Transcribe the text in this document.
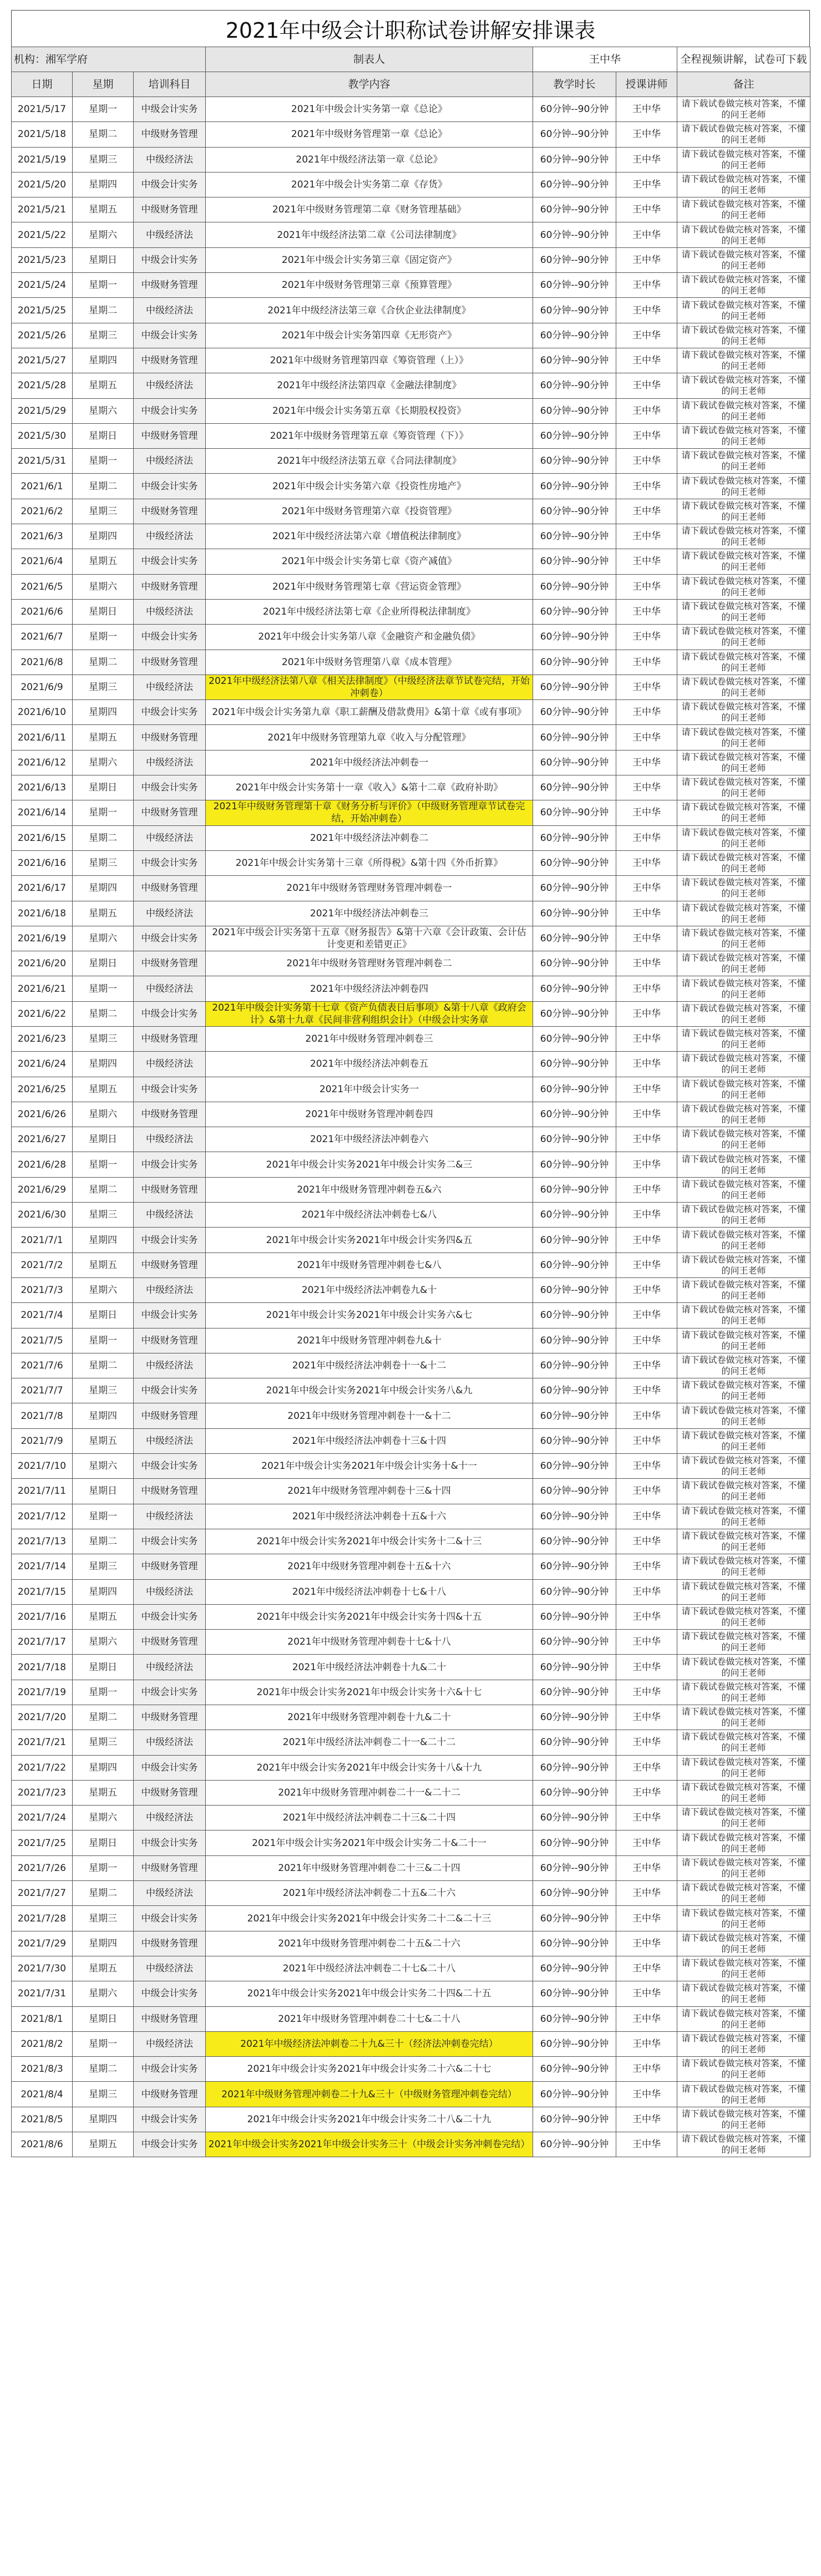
2021年中级会计职称试卷讲解安排课表
机构：湘军学府			制表人	王中华		全程视频讲解，试卷可下载
日期	星期	培训科目	教学内容	教学时长	授课讲师	备注
2021/5/17	星期一	中级会计实务	2021年中级会计实务第一章《总论》	60分钟--90分钟	王中华	请下载试卷做完核对答案，不懂的问王老师
2021/5/18	星期二	中级财务管理	2021年中级财务管理第一章《总论》	60分钟--90分钟	王中华	请下载试卷做完核对答案，不懂的问王老师
2021/5/19	星期三	中级经济法	2021年中级经济法第一章《总论》	60分钟--90分钟	王中华	请下载试卷做完核对答案，不懂的问王老师
2021/5/20	星期四	中级会计实务	2021年中级会计实务第二章《存货》	60分钟--90分钟	王中华	请下载试卷做完核对答案，不懂的问王老师
2021/5/21	星期五	中级财务管理	2021年中级财务管理第二章《财务管理基础》	60分钟--90分钟	王中华	请下载试卷做完核对答案，不懂的问王老师
2021/5/22	星期六	中级经济法	2021年中级经济法第二章《公司法律制度》	60分钟--90分钟	王中华	请下载试卷做完核对答案，不懂的问王老师
2021/5/23	星期日	中级会计实务	2021年中级会计实务第三章《固定资产》	60分钟--90分钟	王中华	请下载试卷做完核对答案，不懂的问王老师
2021/5/24	星期一	中级财务管理	2021年中级财务管理第三章《预算管理》	60分钟--90分钟	王中华	请下载试卷做完核对答案，不懂的问王老师
2021/5/25	星期二	中级经济法	2021年中级经济法第三章《合伙企业法律制度》	60分钟--90分钟	王中华	请下载试卷做完核对答案，不懂的问王老师
2021/5/26	星期三	中级会计实务	2021年中级会计实务第四章《无形资产》	60分钟--90分钟	王中华	请下载试卷做完核对答案，不懂的问王老师
2021/5/27	星期四	中级财务管理	2021年中级财务管理第四章《筹资管理（上）》	60分钟--90分钟	王中华	请下载试卷做完核对答案，不懂的问王老师
2021/5/28	星期五	中级经济法	2021年中级经济法第四章《金融法律制度》	60分钟--90分钟	王中华	请下载试卷做完核对答案，不懂的问王老师
2021/5/29	星期六	中级会计实务	2021年中级会计实务第五章《长期股权投资》	60分钟--90分钟	王中华	请下载试卷做完核对答案，不懂的问王老师
2021/5/30	星期日	中级财务管理	2021年中级财务管理第五章《筹资管理（下）》	60分钟--90分钟	王中华	请下载试卷做完核对答案，不懂的问王老师
2021/5/31	星期一	中级经济法	2021年中级经济法第五章《合同法律制度》	60分钟--90分钟	王中华	请下载试卷做完核对答案，不懂的问王老师
2021/6/1	星期二	中级会计实务	2021年中级会计实务第六章《投资性房地产》	60分钟--90分钟	王中华	请下载试卷做完核对答案，不懂的问王老师
2021/6/2	星期三	中级财务管理	2021年中级财务管理第六章《投资管理》	60分钟--90分钟	王中华	请下载试卷做完核对答案，不懂的问王老师
2021/6/3	星期四	中级经济法	2021年中级经济法第六章《增值税法律制度》	60分钟--90分钟	王中华	请下载试卷做完核对答案，不懂的问王老师
2021/6/4	星期五	中级会计实务	2021年中级会计实务第七章《资产减值》	60分钟--90分钟	王中华	请下载试卷做完核对答案，不懂的问王老师
2021/6/5	星期六	中级财务管理	2021年中级财务管理第七章《营运资金管理》	60分钟--90分钟	王中华	请下载试卷做完核对答案，不懂的问王老师
2021/6/6	星期日	中级经济法	2021年中级经济法第七章《企业所得税法律制度》	60分钟--90分钟	王中华	请下载试卷做完核对答案，不懂的问王老师
2021/6/7	星期一	中级会计实务	2021年中级会计实务第八章《金融资产和金融负债》	60分钟--90分钟	王中华	请下载试卷做完核对答案，不懂的问王老师
2021/6/8	星期二	中级财务管理	2021年中级财务管理第八章《成本管理》	60分钟--90分钟	王中华	请下载试卷做完核对答案，不懂的问王老师
2021/6/9	星期三	中级经济法	2021年中级经济法第八章《相关法律制度》（中级经济法章节试卷完结，开始冲刺卷）	60分钟--90分钟	王中华	请下载试卷做完核对答案，不懂的问王老师
2021/6/10	星期四	中级会计实务	2021年中级会计实务第九章《职工薪酬及借款费用》&第十章《或有事项》	60分钟--90分钟	王中华	请下载试卷做完核对答案，不懂的问王老师
2021/6/11	星期五	中级财务管理	2021年中级财务管理第九章《收入与分配管理》	60分钟--90分钟	王中华	请下载试卷做完核对答案，不懂的问王老师
2021/6/12	星期六	中级经济法	2021年中级经济法冲刺卷一	60分钟--90分钟	王中华	请下载试卷做完核对答案，不懂的问王老师
2021/6/13	星期日	中级会计实务	2021年中级会计实务第十一章《收入》&第十二章《政府补助》	60分钟--90分钟	王中华	请下载试卷做完核对答案，不懂的问王老师
2021/6/14	星期一	中级财务管理	2021年中级财务管理第十章《财务分析与评价》（中级财务管理章节试卷完结，开始冲刺卷）	60分钟--90分钟	王中华	请下载试卷做完核对答案，不懂的问王老师
2021/6/15	星期二	中级经济法	2021年中级经济法冲刺卷二	60分钟--90分钟	王中华	请下载试卷做完核对答案，不懂的问王老师
2021/6/16	星期三	中级会计实务	2021年中级会计实务第十三章《所得税》&第十四《外币折算》	60分钟--90分钟	王中华	请下载试卷做完核对答案，不懂的问王老师
2021/6/17	星期四	中级财务管理	2021年中级财务管理财务管理冲刺卷一	60分钟--90分钟	王中华	请下载试卷做完核对答案，不懂的问王老师
2021/6/18	星期五	中级经济法	2021年中级经济法冲刺卷三	60分钟--90分钟	王中华	请下载试卷做完核对答案，不懂的问王老师
2021/6/19	星期六	中级会计实务	2021年中级会计实务第十五章《财务报告》&第十六章《会计政策、会计估计变更和差错更正》	60分钟--90分钟	王中华	请下载试卷做完核对答案，不懂的问王老师
2021/6/20	星期日	中级财务管理	2021年中级财务管理财务管理冲刺卷二	60分钟--90分钟	王中华	请下载试卷做完核对答案，不懂的问王老师
2021/6/21	星期一	中级经济法	2021年中级经济法冲刺卷四	60分钟--90分钟	王中华	请下载试卷做完核对答案，不懂的问王老师
2021/6/22	星期二	中级会计实务	2021年中级会计实务第十七章《资产负债表日后事项》&第十八章《政府会计》&第十九章《民间非营利组织会计》（中级会计实务章	60分钟--90分钟	王中华	请下载试卷做完核对答案，不懂的问王老师
2021/6/23	星期三	中级财务管理	2021年中级财务管理冲刺卷三	60分钟--90分钟	王中华	请下载试卷做完核对答案，不懂的问王老师
2021/6/24	星期四	中级经济法	2021年中级经济法冲刺卷五	60分钟--90分钟	王中华	请下载试卷做完核对答案，不懂的问王老师
2021/6/25	星期五	中级会计实务	2021年中级会计实务一	60分钟--90分钟	王中华	请下载试卷做完核对答案，不懂的问王老师
2021/6/26	星期六	中级财务管理	2021年中级财务管理冲刺卷四	60分钟--90分钟	王中华	请下载试卷做完核对答案，不懂的问王老师
2021/6/27	星期日	中级经济法	2021年中级经济法冲刺卷六	60分钟--90分钟	王中华	请下载试卷做完核对答案，不懂的问王老师
2021/6/28	星期一	中级会计实务	2021年中级会计实务2021年中级会计实务二&三	60分钟--90分钟	王中华	请下载试卷做完核对答案，不懂的问王老师
2021/6/29	星期二	中级财务管理	2021年中级财务管理冲刺卷五&六	60分钟--90分钟	王中华	请下载试卷做完核对答案，不懂的问王老师
2021/6/30	星期三	中级经济法	2021年中级经济法冲刺卷七&八	60分钟--90分钟	王中华	请下载试卷做完核对答案，不懂的问王老师
2021/7/1	星期四	中级会计实务	2021年中级会计实务2021年中级会计实务四&五	60分钟--90分钟	王中华	请下载试卷做完核对答案，不懂的问王老师
2021/7/2	星期五	中级财务管理	2021年中级财务管理冲刺卷七&八	60分钟--90分钟	王中华	请下载试卷做完核对答案，不懂的问王老师
2021/7/3	星期六	中级经济法	2021年中级经济法冲刺卷九&十	60分钟--90分钟	王中华	请下载试卷做完核对答案，不懂的问王老师
2021/7/4	星期日	中级会计实务	2021年中级会计实务2021年中级会计实务六&七	60分钟--90分钟	王中华	请下载试卷做完核对答案，不懂的问王老师
2021/7/5	星期一	中级财务管理	2021年中级财务管理冲刺卷九&十	60分钟--90分钟	王中华	请下载试卷做完核对答案，不懂的问王老师
2021/7/6	星期二	中级经济法	2021年中级经济法冲刺卷十一&十二	60分钟--90分钟	王中华	请下载试卷做完核对答案，不懂的问王老师
2021/7/7	星期三	中级会计实务	2021年中级会计实务2021年中级会计实务八&九	60分钟--90分钟	王中华	请下载试卷做完核对答案，不懂的问王老师
2021/7/8	星期四	中级财务管理	2021年中级财务管理冲刺卷十一&十二	60分钟--90分钟	王中华	请下载试卷做完核对答案，不懂的问王老师
2021/7/9	星期五	中级经济法	2021年中级经济法冲刺卷十三&十四	60分钟--90分钟	王中华	请下载试卷做完核对答案，不懂的问王老师
2021/7/10	星期六	中级会计实务	2021年中级会计实务2021年中级会计实务十&十一	60分钟--90分钟	王中华	请下载试卷做完核对答案，不懂的问王老师
2021/7/11	星期日	中级财务管理	2021年中级财务管理冲刺卷十三&十四	60分钟--90分钟	王中华	请下载试卷做完核对答案，不懂的问王老师
2021/7/12	星期一	中级经济法	2021年中级经济法冲刺卷十五&十六	60分钟--90分钟	王中华	请下载试卷做完核对答案，不懂的问王老师
2021/7/13	星期二	中级会计实务	2021年中级会计实务2021年中级会计实务十二&十三	60分钟--90分钟	王中华	请下载试卷做完核对答案，不懂的问王老师
2021/7/14	星期三	中级财务管理	2021年中级财务管理冲刺卷十五&十六	60分钟--90分钟	王中华	请下载试卷做完核对答案，不懂的问王老师
2021/7/15	星期四	中级经济法	2021年中级经济法冲刺卷十七&十八	60分钟--90分钟	王中华	请下载试卷做完核对答案，不懂的问王老师
2021/7/16	星期五	中级会计实务	2021年中级会计实务2021年中级会计实务十四&十五	60分钟--90分钟	王中华	请下载试卷做完核对答案，不懂的问王老师
2021/7/17	星期六	中级财务管理	2021年中级财务管理冲刺卷十七&十八	60分钟--90分钟	王中华	请下载试卷做完核对答案，不懂的问王老师
2021/7/18	星期日	中级经济法	2021年中级经济法冲刺卷十九&二十	60分钟--90分钟	王中华	请下载试卷做完核对答案，不懂的问王老师
2021/7/19	星期一	中级会计实务	2021年中级会计实务2021年中级会计实务十六&十七	60分钟--90分钟	王中华	请下载试卷做完核对答案，不懂的问王老师
2021/7/20	星期二	中级财务管理	2021年中级财务管理冲刺卷十九&二十	60分钟--90分钟	王中华	请下载试卷做完核对答案，不懂的问王老师
2021/7/21	星期三	中级经济法	2021年中级经济法冲刺卷二十一&二十二	60分钟--90分钟	王中华	请下载试卷做完核对答案，不懂的问王老师
2021/7/22	星期四	中级会计实务	2021年中级会计实务2021年中级会计实务十八&十九	60分钟--90分钟	王中华	请下载试卷做完核对答案，不懂的问王老师
2021/7/23	星期五	中级财务管理	2021年中级财务管理冲刺卷二十一&二十二	60分钟--90分钟	王中华	请下载试卷做完核对答案，不懂的问王老师
2021/7/24	星期六	中级经济法	2021年中级经济法冲刺卷二十三&二十四	60分钟--90分钟	王中华	请下载试卷做完核对答案，不懂的问王老师
2021/7/25	星期日	中级会计实务	2021年中级会计实务2021年中级会计实务二十&二十一	60分钟--90分钟	王中华	请下载试卷做完核对答案，不懂的问王老师
2021/7/26	星期一	中级财务管理	2021年中级财务管理冲刺卷二十三&二十四	60分钟--90分钟	王中华	请下载试卷做完核对答案，不懂的问王老师
2021/7/27	星期二	中级经济法	2021年中级经济法冲刺卷二十五&二十六	60分钟--90分钟	王中华	请下载试卷做完核对答案，不懂的问王老师
2021/7/28	星期三	中级会计实务	2021年中级会计实务2021年中级会计实务二十二&二十三	60分钟--90分钟	王中华	请下载试卷做完核对答案，不懂的问王老师
2021/7/29	星期四	中级财务管理	2021年中级财务管理冲刺卷二十五&二十六	60分钟--90分钟	王中华	请下载试卷做完核对答案，不懂的问王老师
2021/7/30	星期五	中级经济法	2021年中级经济法冲刺卷二十七&二十八	60分钟--90分钟	王中华	请下载试卷做完核对答案，不懂的问王老师
2021/7/31	星期六	中级会计实务	2021年中级会计实务2021年中级会计实务二十四&二十五	60分钟--90分钟	王中华	请下载试卷做完核对答案，不懂的问王老师
2021/8/1	星期日	中级财务管理	2021年中级财务管理冲刺卷二十七&二十八	60分钟--90分钟	王中华	请下载试卷做完核对答案，不懂的问王老师
2021/8/2	星期一	中级经济法	2021年中级经济法冲刺卷二十九&三十（经济法冲刺卷完结）	60分钟--90分钟	王中华	请下载试卷做完核对答案，不懂的问王老师
2021/8/3	星期二	中级会计实务	2021年中级会计实务2021年中级会计实务二十六&二十七	60分钟--90分钟	王中华	请下载试卷做完核对答案，不懂的问王老师
2021/8/4	星期三	中级财务管理	2021年中级财务管理冲刺卷二十九&三十（中级财务管理冲刺卷完结）	60分钟--90分钟	王中华	请下载试卷做完核对答案，不懂的问王老师
2021/8/5	星期四	中级会计实务	2021年中级会计实务2021年中级会计实务二十八&二十九	60分钟--90分钟	王中华	请下载试卷做完核对答案，不懂的问王老师
2021/8/6	星期五	中级会计实务	2021年中级会计实务2021年中级会计实务三十（中级会计实务冲刺卷完结）	60分钟--90分钟	王中华	请下载试卷做完核对答案，不懂的问王老师
